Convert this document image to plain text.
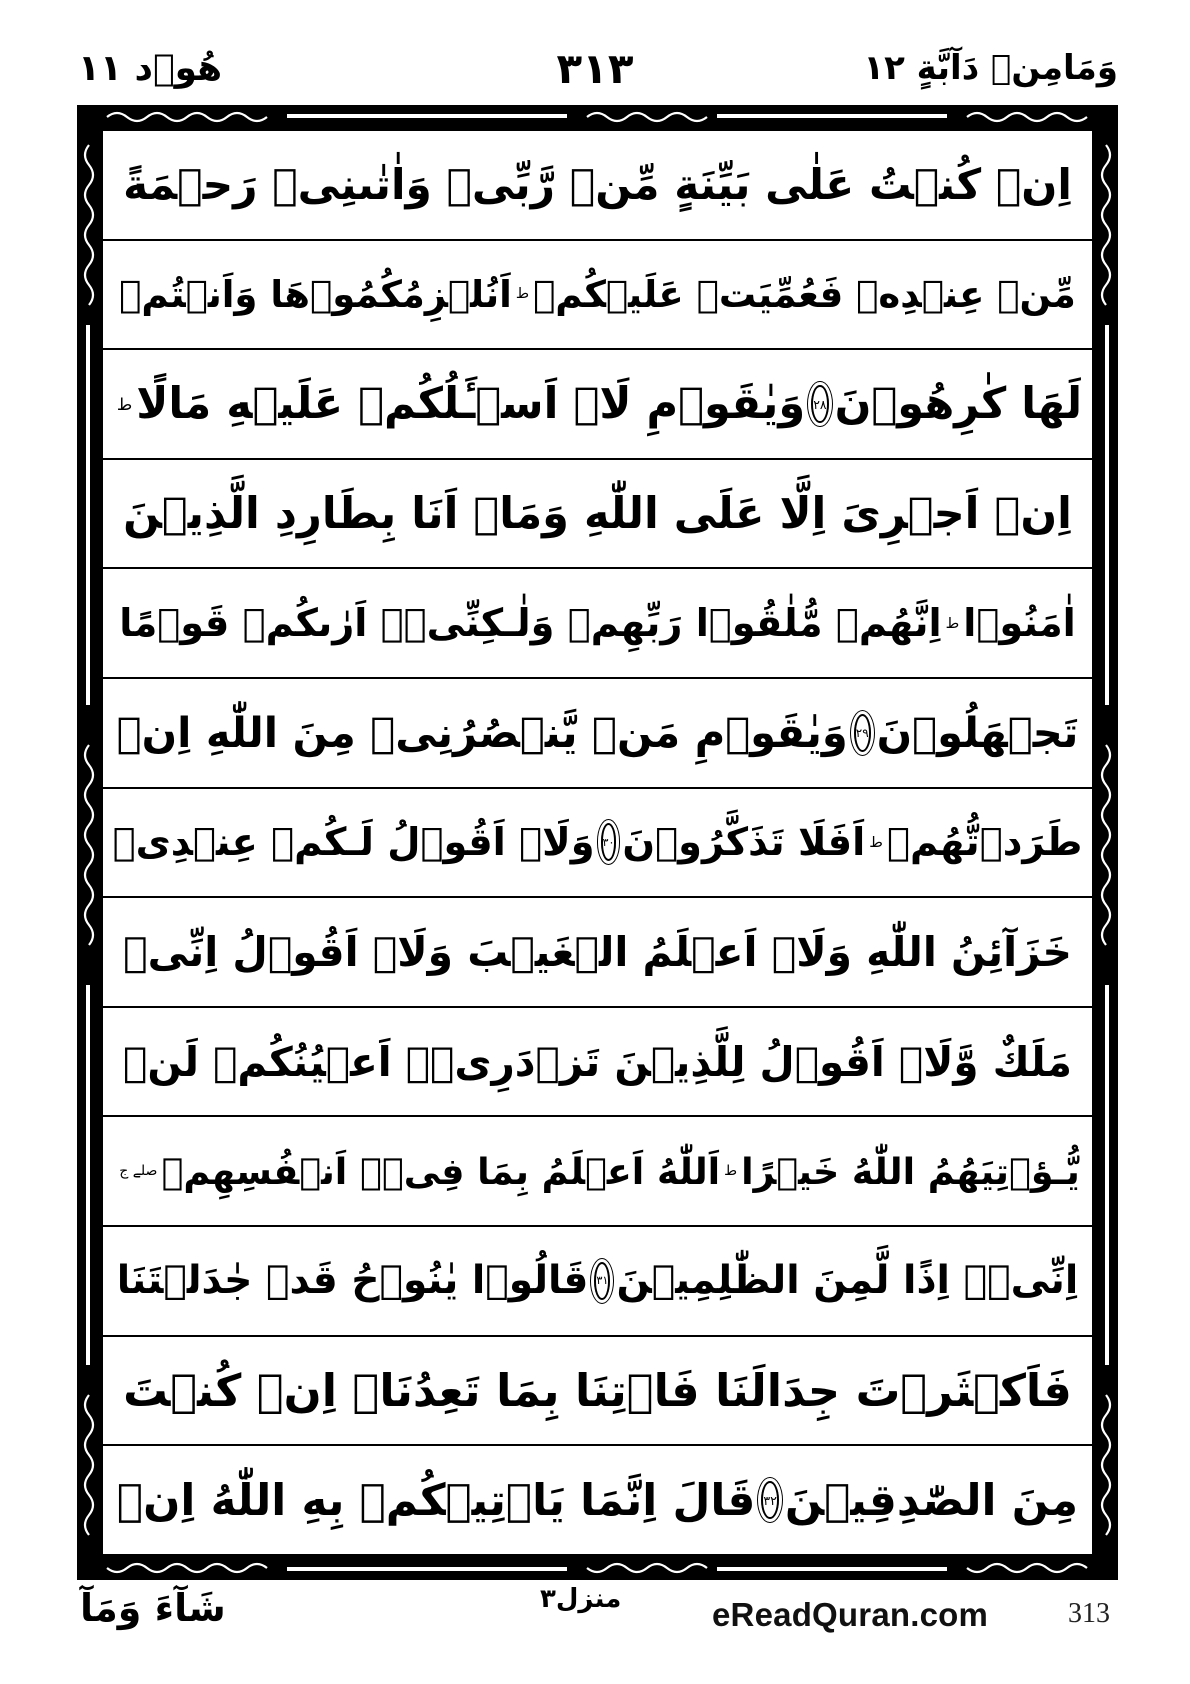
هُوۡد ۱۱	۳۱۳	وَمَامِنۡ دَآبَّةٍ ۱۲
اِنۡ كُنۡتُ عَلٰى بَيِّنَةٍ مِّنۡ رَّبِّىۡ وَاٰتٰىنِىۡ رَحۡمَةً
مِّنۡ عِنۡدِهٖ فَعُمِّيَتۡ عَلَيۡكُمۡ
ط
اَنُلۡزِمُكُمُوۡهَا وَاَنۡتُمۡ
لَهَا كٰرِهُوۡنَ
۲۸
وَيٰقَوۡمِ لَاۤ اَسۡـَٔلُكُمۡ عَلَيۡهِ مَالًا
ط
اِنۡ اَجۡرِىَ اِلَّا عَلَى اللّٰهِ وَمَاۤ اَنَا بِطَارِدِ الَّذِيۡنَ
اٰمَنُوۡا
ط
اِنَّهُمۡ مُّلٰقُوۡا رَبِّهِمۡ وَلٰـكِنِّىۡۤ اَرٰٮكُمۡ قَوۡمًا
تَجۡهَلُوۡنَ
۲۹
وَيٰقَوۡمِ مَنۡ يَّنۡصُرُنِىۡ مِنَ اللّٰهِ اِنۡ
طَرَدۡتُّهُمۡ
ط
اَفَلَا تَذَكَّرُوۡنَ
۳۰
وَلَاۤ اَقُوۡلُ لَـكُمۡ عِنۡدِىۡ
خَزَآئِنُ اللّٰهِ وَلَاۤ اَعۡلَمُ الۡغَيۡبَ وَلَاۤ اَقُوۡلُ اِنِّىۡ
مَلَكٌ وَّلَاۤ اَقُوۡلُ لِلَّذِيۡنَ تَزۡدَرِىۡۤ اَعۡيُنُكُمۡ لَنۡ
يُّـؤۡتِيَهُمُ اللّٰهُ خَيۡرًا
ط
اَللّٰهُ اَعۡلَمُ بِمَا فِىۡۤ اَنۡفُسِهِمۡ
صلے ج
اِنِّىۡۤ اِذًا لَّمِنَ الظّٰلِمِيۡنَ
۳۱
قَالُوۡا يٰنُوۡحُ قَدۡ جٰدَلۡتَنَا
فَاَكۡثَرۡتَ جِدَالَنَا فَاۡتِنَا بِمَا تَعِدُنَاۤ اِنۡ كُنۡتَ
مِنَ الصّٰدِقِيۡنَ
۳۲
قَالَ اِنَّمَا يَاۡتِيۡكُمۡ بِهِ اللّٰهُ اِنۡ
شَآءَ وَمَآ	منزل۳	eReadQuran.com	313
